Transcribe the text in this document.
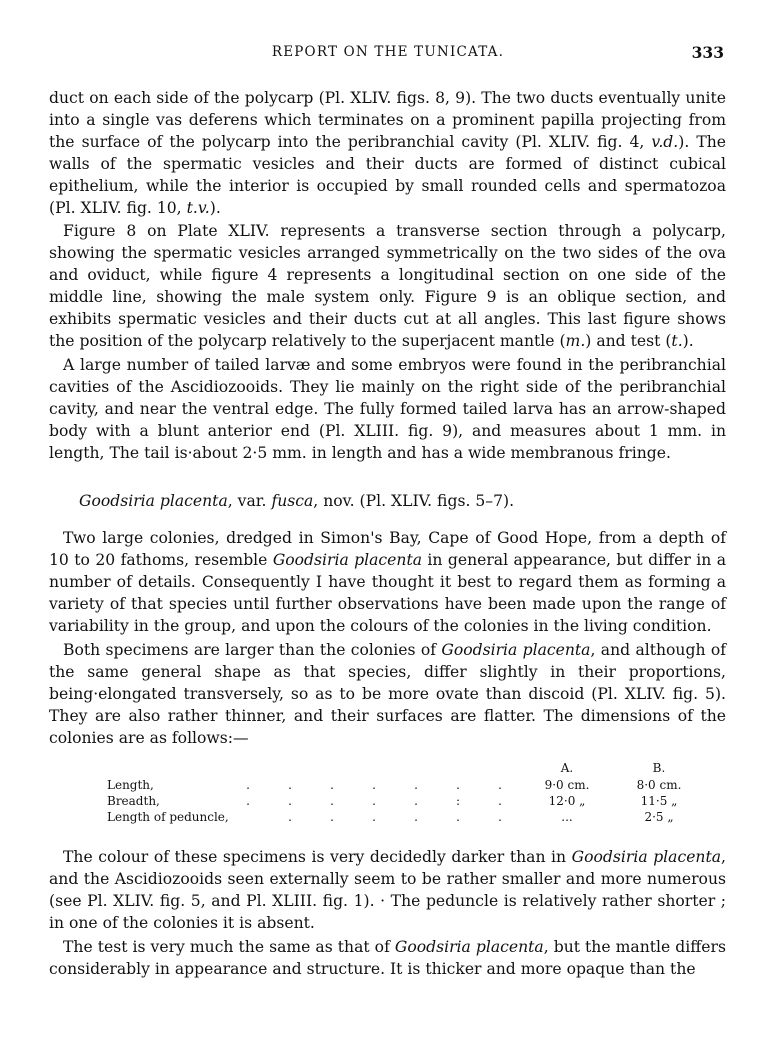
REPORT ON THE TUNICATA.	333

duct on each side of the polycarp (Pl. XLIV. figs. 8, 9). The two ducts eventually unite into a single vas deferens which terminates on a prominent papilla projecting from the surface of the polycarp into the peribranchial cavity (Pl. XLIV. fig. 4, v.d.). The walls of the spermatic vesicles and their ducts are formed of distinct cubical epithelium, while the interior is occupied by small rounded cells and spermatozoa (Pl. XLIV. fig. 10, t.v.).

Figure 8 on Plate XLIV. represents a transverse section through a polycarp, showing the spermatic vesicles arranged symmetrically on the two sides of the ova and oviduct, while figure 4 represents a longitudinal section on one side of the middle line, showing the male system only. Figure 9 is an oblique section, and exhibits spermatic vesicles and their ducts cut at all angles. This last figure shows the position of the polycarp relatively to the superjacent mantle (m.) and test (t.).

A large number of tailed larvæ and some embryos were found in the peribranchial cavities of the Ascidiozooids. They lie mainly on the right side of the peribranchial cavity, and near the ventral edge. The fully formed tailed larva has an arrow-shaped body with a blunt anterior end (Pl. XLIII. fig. 9), and measures about 1 mm. in length, The tail is·about 2·5 mm. in length and has a wide membranous fringe.

Goodsiria placenta, var. fusca, nov. (Pl. XLIV. figs. 5–7).

Two large colonies, dredged in Simon's Bay, Cape of Good Hope, from a depth of 10 to 20 fathoms, resemble Goodsiria placenta in general appearance, but differ in a number of details. Consequently I have thought it best to regard them as forming a variety of that species until further observations have been made upon the range of variability in the group, and upon the colours of the colonies in the living condition.

Both specimens are larger than the colonies of Goodsiria placenta, and although of the same general shape as that species, differ slightly in their proportions, being·elongated transversely, so as to be more ovate than discoid (Pl. XLIV. fig. 5). They are also rather thinner, and their surfaces are flatter. The dimensions of the colonies are as follows:—

								A.	B.
Length,	.	.	.	.	.	.	.	9·0 cm.	8·0 cm.
Breadth,	.	.	.	.	.	:	.	12·0 „	11·5 „
Length of peduncle,		.	.	.	.	.	.	...	2·5 „

The colour of these specimens is very decidedly darker than in Goodsiria placenta, and the Ascidiozooids seen externally seem to be rather smaller and more numerous (see Pl. XLIV. fig. 5, and Pl. XLIII. fig. 1). · The peduncle is relatively rather shorter ; in one of the colonies it is absent.

The test is very much the same as that of Goodsiria placenta, but the mantle differs considerably in appearance and structure. It is thicker and more opaque than the
